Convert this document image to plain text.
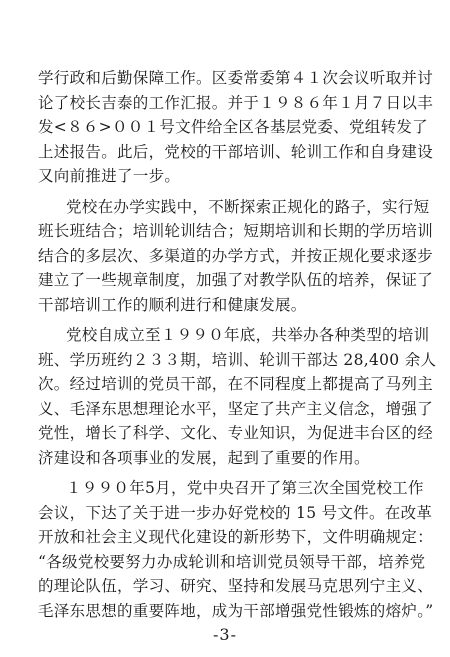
学行政和后勤保障工作。区委常委第４１次会议听取并讨
论了校长吉泰的工作汇报。并于１９８６年１月７日以丰
发<８６>００１号文件给全区各基层党委、党组转发了
上述报告。此后，党校的干部培训、轮训工作和自身建设
又向前推进了一步。
党校在办学实践中，不断探索正规化的路子，实行短
班长班结合；培训轮训结合；短期培训和长期的学历培训
结合的多层次、多渠道的办学方式，并按正规化要求逐步
建立了一些规章制度，加强了对教学队伍的培养，保证了
干部培训工作的顺利进行和健康发展。
党校自成立至１９９０年底，共举办各种类型的培训
班、学历班约２３３期，培训、轮训干部达 28,400 余人
次。经过培训的党员干部，在不同程度上都提高了马列主
义、毛泽东思想理论水平，坚定了共产主义信念，增强了
党性，增长了科学、文化、专业知识，为促进丰台区的经
济建设和各项事业的发展，起到了重要的作用。
１９９０年5月，党中央召开了第三次全国党校工作
会议，下达了关于进一步办好党校的 15 号文件。在改革
开放和社会主义现代化建设的新形势下，文件明确规定：
“各级党校要努力办成轮训和培训党员领导干部，培养党
的理论队伍，学习、研究、坚持和发展马克思列宁主义、
毛泽东思想的重要阵地，成为干部增强党性锻炼的熔炉。”
-3-
